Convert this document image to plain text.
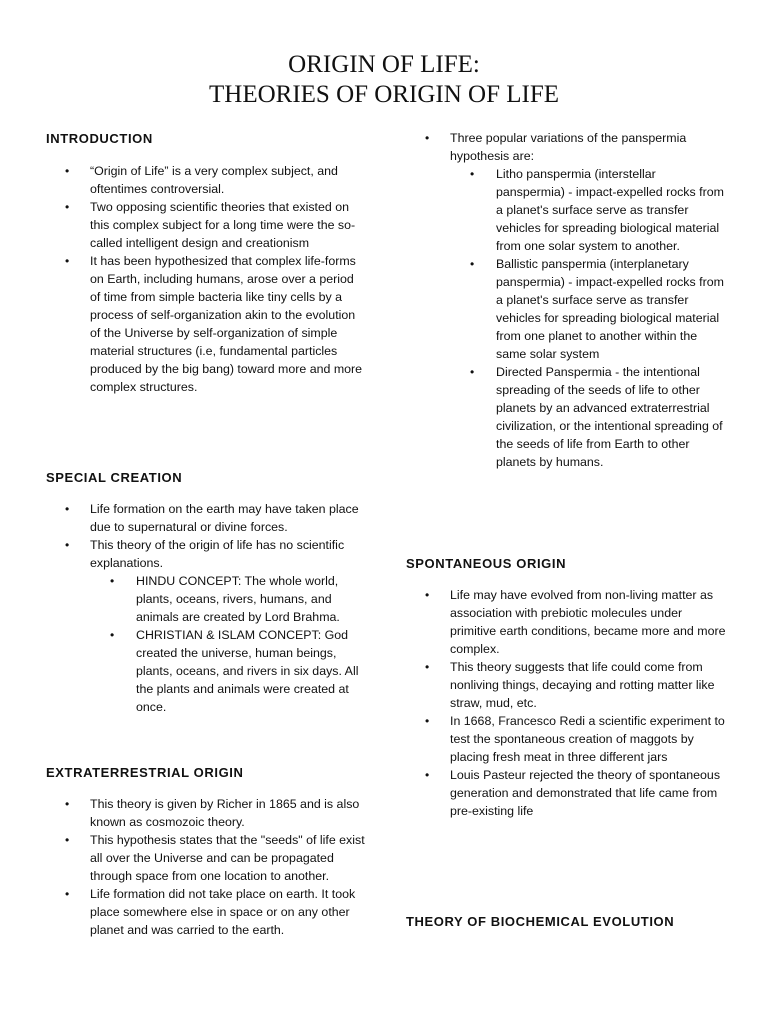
ORIGIN OF LIFE:
THEORIES OF ORIGIN OF LIFE
INTRODUCTION
• “Origin of Life” is a very complex subject, and oftentimes controversial.
• Two opposing scientific theories that existed on this complex subject for a long time were the so-called intelligent design and creationism
• It has been hypothesized that complex life-forms on Earth, including humans, arose over a period of time from simple bacteria like tiny cells by a process of self-organization akin to the evolution of the Universe by self-organization of simple material structures (i.e, fundamental particles produced by the big bang) toward more and more complex structures.
SPECIAL CREATION
• Life formation on the earth may have taken place due to supernatural or divine forces.
• This theory of the origin of life has no scientific explanations.
• HINDU CONCEPT: The whole world, plants, oceans, rivers, humans, and animals are created by Lord Brahma.
• CHRISTIAN & ISLAM CONCEPT: God created the universe, human beings, plants, oceans, and rivers in six days. All the plants and animals were created at once.
EXTRATERRESTRIAL ORIGIN
• This theory is given by Richer in 1865 and is also known as cosmozoic theory.
• This hypothesis states that the "seeds" of life exist all over the Universe and can be propagated through space from one location to another.
• Life formation did not take place on earth. It took place somewhere else in space or on any other planet and was carried to the earth.
• Three popular variations of the panspermia hypothesis are:
• Litho panspermia (interstellar panspermia) - impact-expelled rocks from a planet's surface serve as transfer vehicles for spreading biological material from one solar system to another.
• Ballistic panspermia (interplanetary panspermia) - impact-expelled rocks from a planet's surface serve as transfer vehicles for spreading biological material from one planet to another within the same solar system
• Directed Panspermia - the intentional spreading of the seeds of life to other planets by an advanced extraterrestrial civilization, or the intentional spreading of the seeds of life from Earth to other planets by humans.
SPONTANEOUS ORIGIN
• Life may have evolved from non-living matter as association with prebiotic molecules under primitive earth conditions, became more and more complex.
• This theory suggests that life could come from nonliving things, decaying and rotting matter like straw, mud, etc.
• In 1668, Francesco Redi a scientific experiment to test the spontaneous creation of maggots by placing fresh meat in three different jars
• Louis Pasteur rejected the theory of spontaneous generation and demonstrated that life came from pre-existing life
THEORY OF BIOCHEMICAL EVOLUTION
